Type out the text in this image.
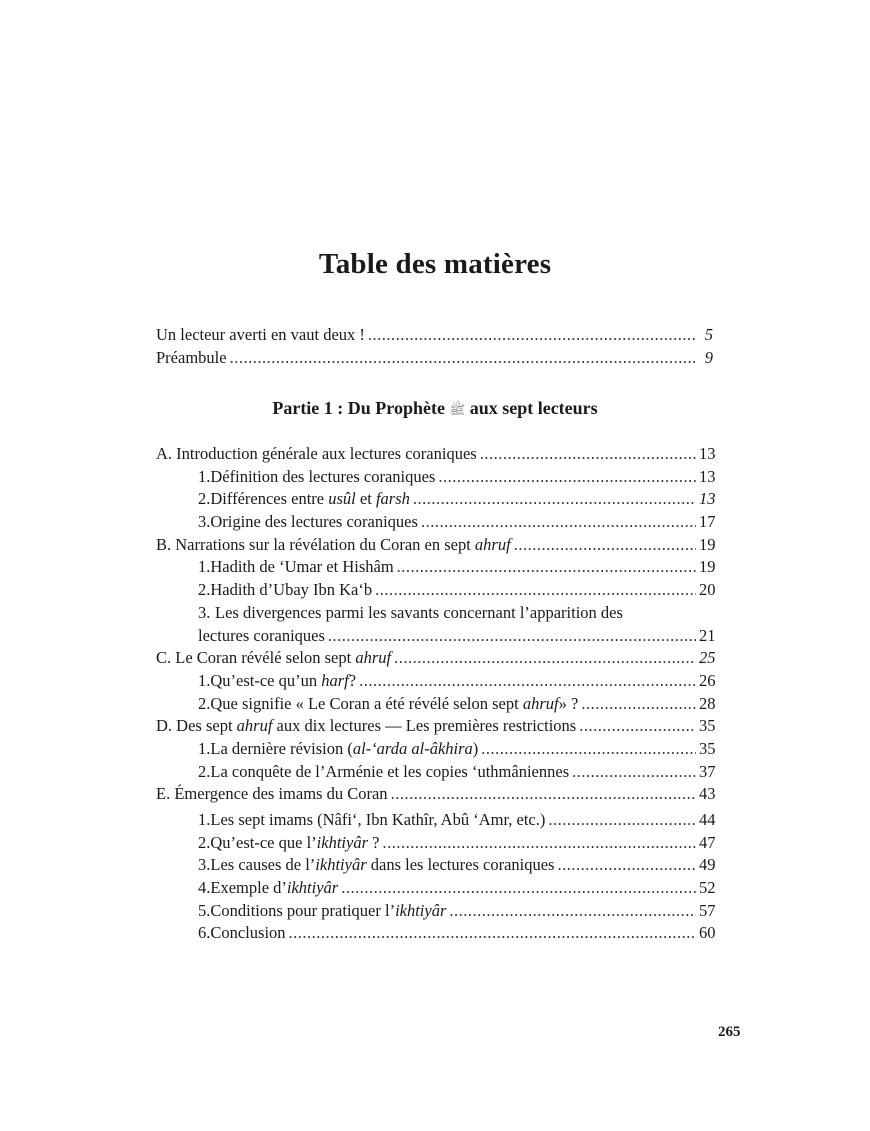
Table des matières
Un lecteur averti en vaut deux ! .....	5
Préambule .....	9
Partie 1 : Du Prophète ﷺ aux sept lecteurs
A. Introduction générale aux lectures coraniques .....	13
1. Définition des lectures coraniques .....	13
2. Différences entre usûl et farsh .....	13
3. Origine des lectures coraniques .....	17
B. Narrations sur la révélation du Coran en sept ahruf .....	19
1. Hadith de ‘Umar et Hishâm .....	19
2. Hadith d’Ubay Ibn Ka‘b .....	20
3. Les divergences parmi les savants concernant l’apparition des
lectures coraniques .....	21
C. Le Coran révélé selon sept ahruf .....	25
1. Qu’est-ce qu’un harf? .....	26
2. Que signifie « Le Coran a été révélé selon sept ahruf» ? .....	28
D. Des sept ahruf aux dix lectures — Les premières restrictions .....	35
1. La dernière révision (al-‘arda al-âkhira) .....	35
2. La conquête de l’Arménie et les copies ‘uthmâniennes .....	37
E. Émergence des imams du Coran .....	43
1. Les sept imams (Nâfi‘, Ibn Kathîr, Abû ‘Amr, etc.) .....	44
2. Qu’est-ce que l’ikhtiyâr ? .....	47
3. Les causes de l’ikhtiyâr dans les lectures coraniques .....	49
4. Exemple d’ikhtiyâr .....	52
5. Conditions pour pratiquer l’ikhtiyâr .....	57
6. Conclusion .....	60
265
